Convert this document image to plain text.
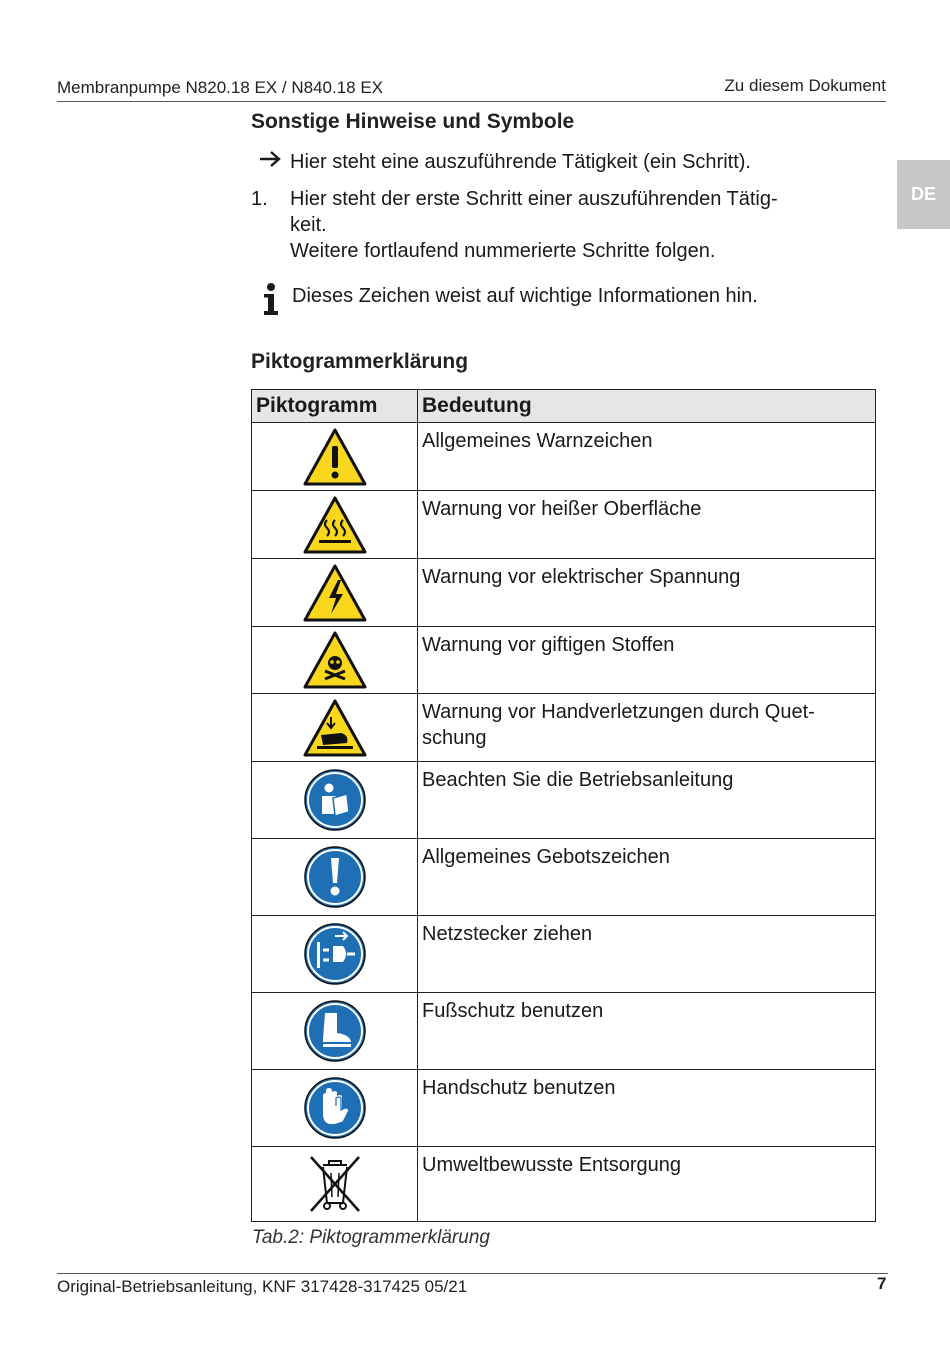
Membranpumpe N820.18 EX / N840.18 EX	Zu diesem Dokument
DE
Sonstige Hinweise und Symbole
Hier steht eine auszuführende Tätigkeit (ein Schritt).
1. Hier steht der erste Schritt einer auszuführenden Tätig-
keit.
Weitere fortlaufend nummerierte Schritte folgen.
Dieses Zeichen weist auf wichtige Informationen hin.
Piktogrammerklärung
Piktogramm	Bedeutung

	Allgemeines Warnzeichen

	Warnung vor heißer Oberfläche

	Warnung vor elektrischer Spannung

	Warnung vor giftigen Stoffen

	Warnung vor Handverletzungen durch Quet-
schung

	Beachten Sie die Betriebsanleitung

	Allgemeines Gebotszeichen

	Netzstecker ziehen

	Fußschutz benutzen

	Handschutz benutzen

	Umweltbewusste Entsorgung
Tab.2: Piktogrammerklärung
Original-Betriebsanleitung, KNF 317428-317425 05/21	7
